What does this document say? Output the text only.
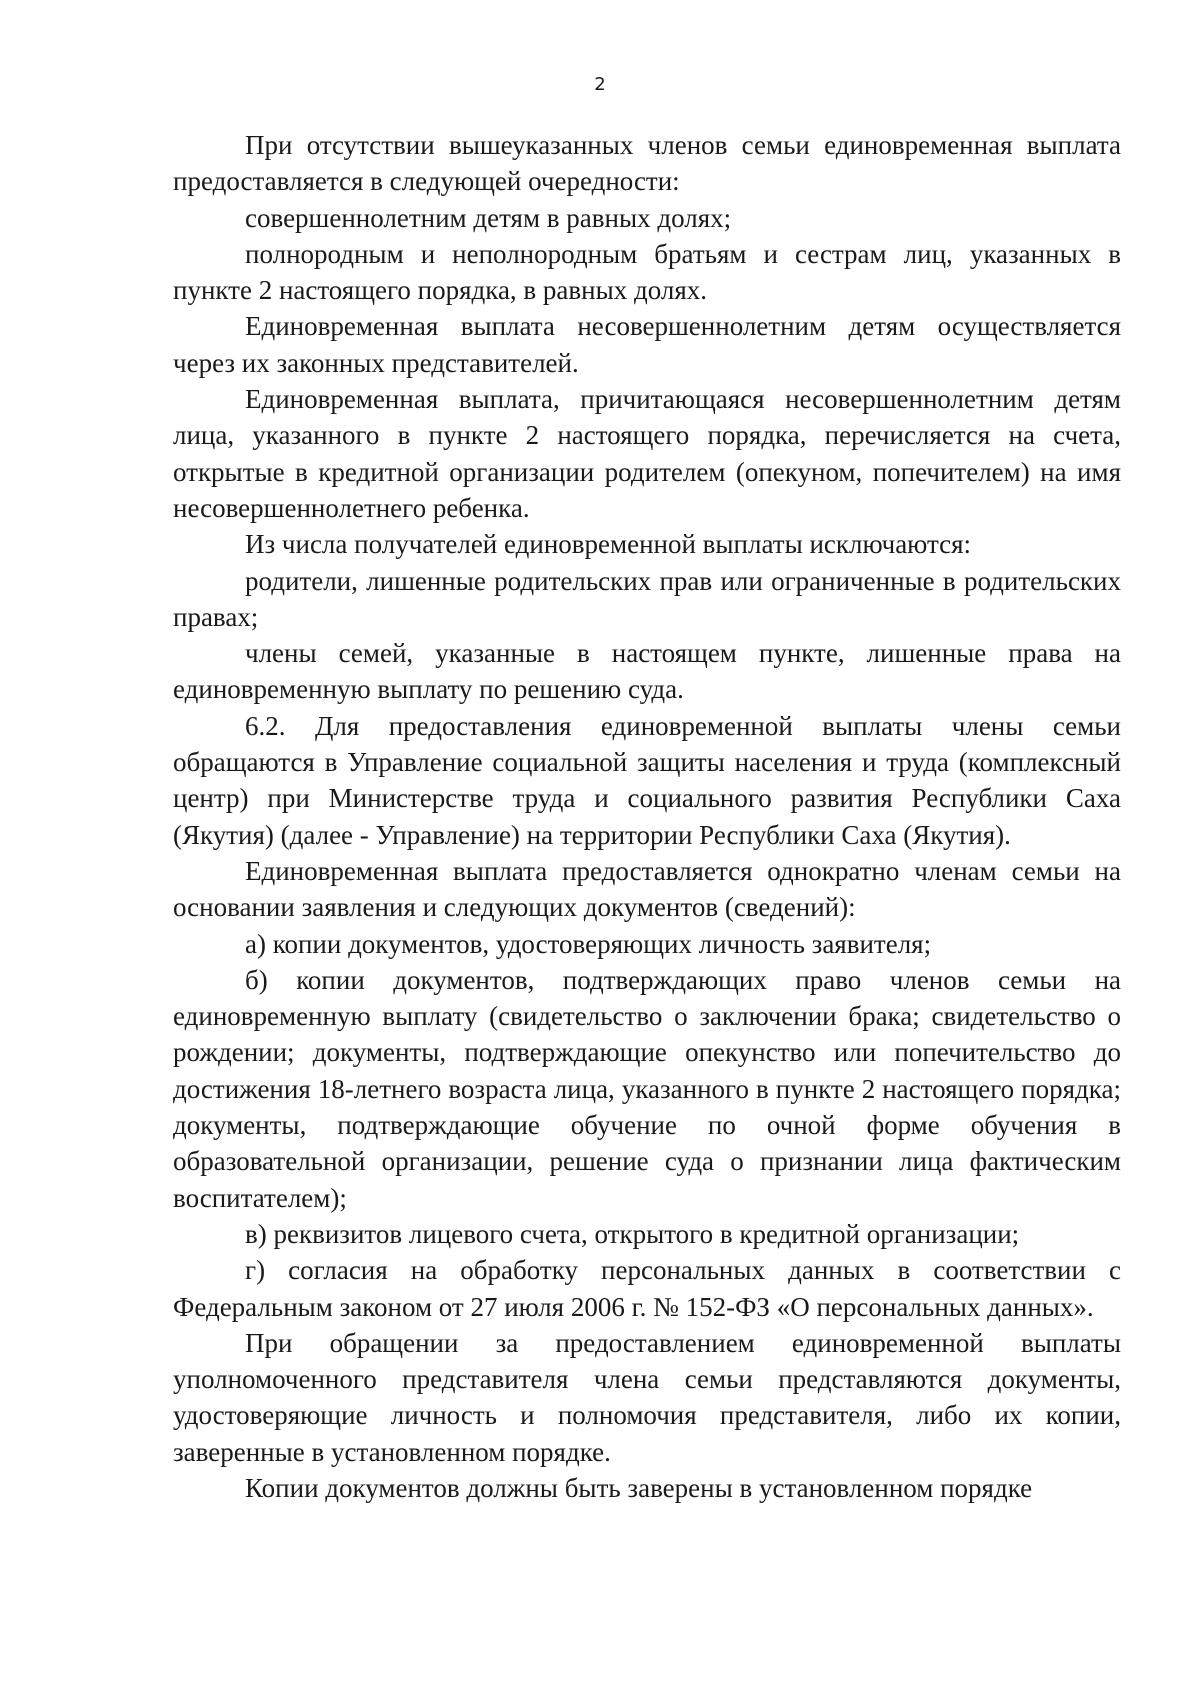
2

При отсутствии вышеуказанных членов семьи единовременная выплата предоставляется в следующей очередности:

совершеннолетним детям в равных долях;

полнородным и неполнородным братьям и сестрам лиц, указанных в пункте 2 настоящего порядка, в равных долях.

Единовременная выплата несовершеннолетним детям осуществляется через их законных представителей.

Единовременная выплата, причитающаяся несовершеннолетним детям лица, указанного в пункте 2 настоящего порядка, перечисляется на счета, открытые в кредитной организации родителем (опекуном, попечителем) на имя несовершеннолетнего ребенка.

Из числа получателей единовременной выплаты исключаются:

родители, лишенные родительских прав или ограниченные в родительских правах;

члены семей, указанные в настоящем пункте, лишенные права на единовременную выплату по решению суда.

6.2. Для предоставления единовременной выплаты члены семьи обращаются в Управление социальной защиты населения и труда (комплексный центр) при Министерстве труда и социального развития Республики Саха (Якутия) (далее - Управление) на территории Республики Саха (Якутия).

Единовременная выплата предоставляется однократно членам семьи на основании заявления и следующих документов (сведений):

а) копии документов, удостоверяющих личность заявителя;

б) копии документов, подтверждающих право членов семьи на единовременную выплату (свидетельство о заключении брака; свидетельство о рождении; документы, подтверждающие опекунство или попечительство до достижения 18-летнего возраста лица, указанного в пункте 2 настоящего порядка; документы, подтверждающие обучение по очной форме обучения в образовательной организации, решение суда о признании лица фактическим воспитателем);

в) реквизитов лицевого счета, открытого в кредитной организации;

г) согласия на обработку персональных данных в соответствии с Федеральным законом от 27 июля 2006 г. № 152-ФЗ «О персональных данных».

При обращении за предоставлением единовременной выплаты уполномоченного представителя члена семьи представляются документы, удостоверяющие личность и полномочия представителя, либо их копии, заверенные в установленном порядке.

Копии документов должны быть заверены в установленном порядке
